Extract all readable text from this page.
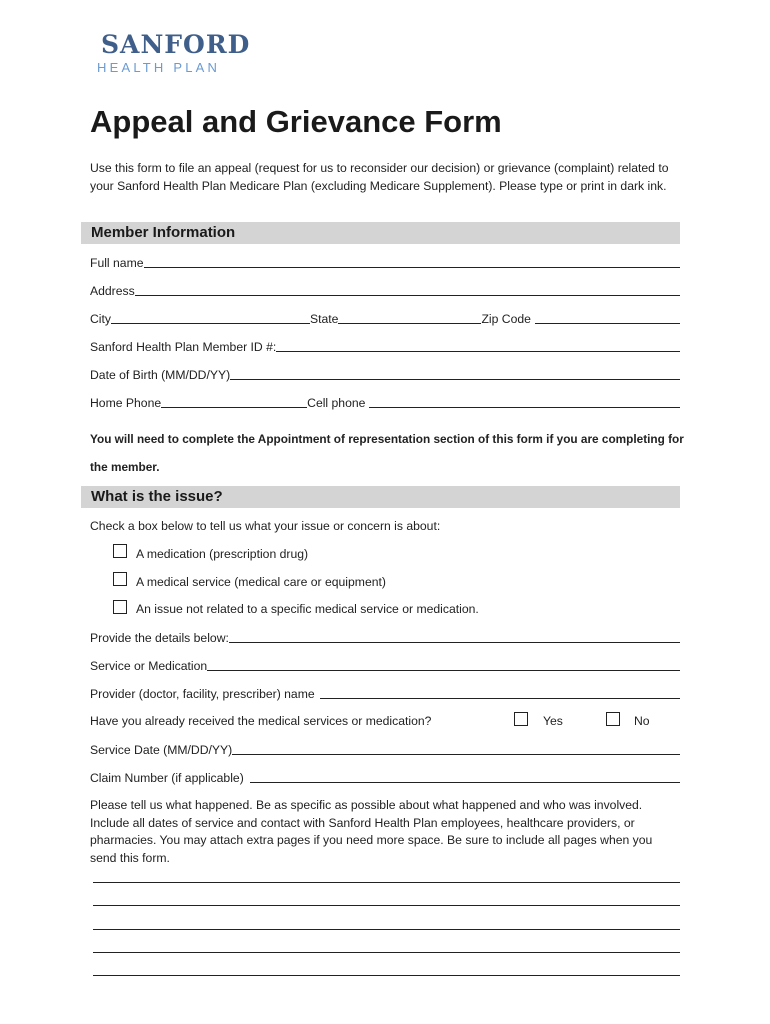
SANFORD
HEALTH PLAN
Appeal and Grievance Form
Use this form to file an appeal (request for us to reconsider our decision) or grievance (complaint) related to your Sanford Health Plan Medicare Plan (excluding Medicare Supplement). Please type or print in dark ink.
Member Information
Full name
Address
City	State	Zip Code
Sanford Health Plan Member ID #:
Date of Birth (MM/DD/YY)
Home Phone	Cell phone
You will need to complete the Appointment of representation section of this form if you are completing for the member.
What is the issue?
Check a box below to tell us what your issue or concern is about:
A medication (prescription drug)
A medical service (medical care or equipment)
An issue not related to a specific medical service or medication.
Provide the details below:
Service or Medication
Provider (doctor, facility, prescriber) name
Have you already received the medical services or medication?	Yes	No
Service Date (MM/DD/YY)
Claim Number (if applicable)
Please tell us what happened. Be as specific as possible about what happened and who was involved. Include all dates of service and contact with Sanford Health Plan employees, healthcare providers, or pharmacies. You may attach extra pages if you need more space. Be sure to include all pages when you send this form.
